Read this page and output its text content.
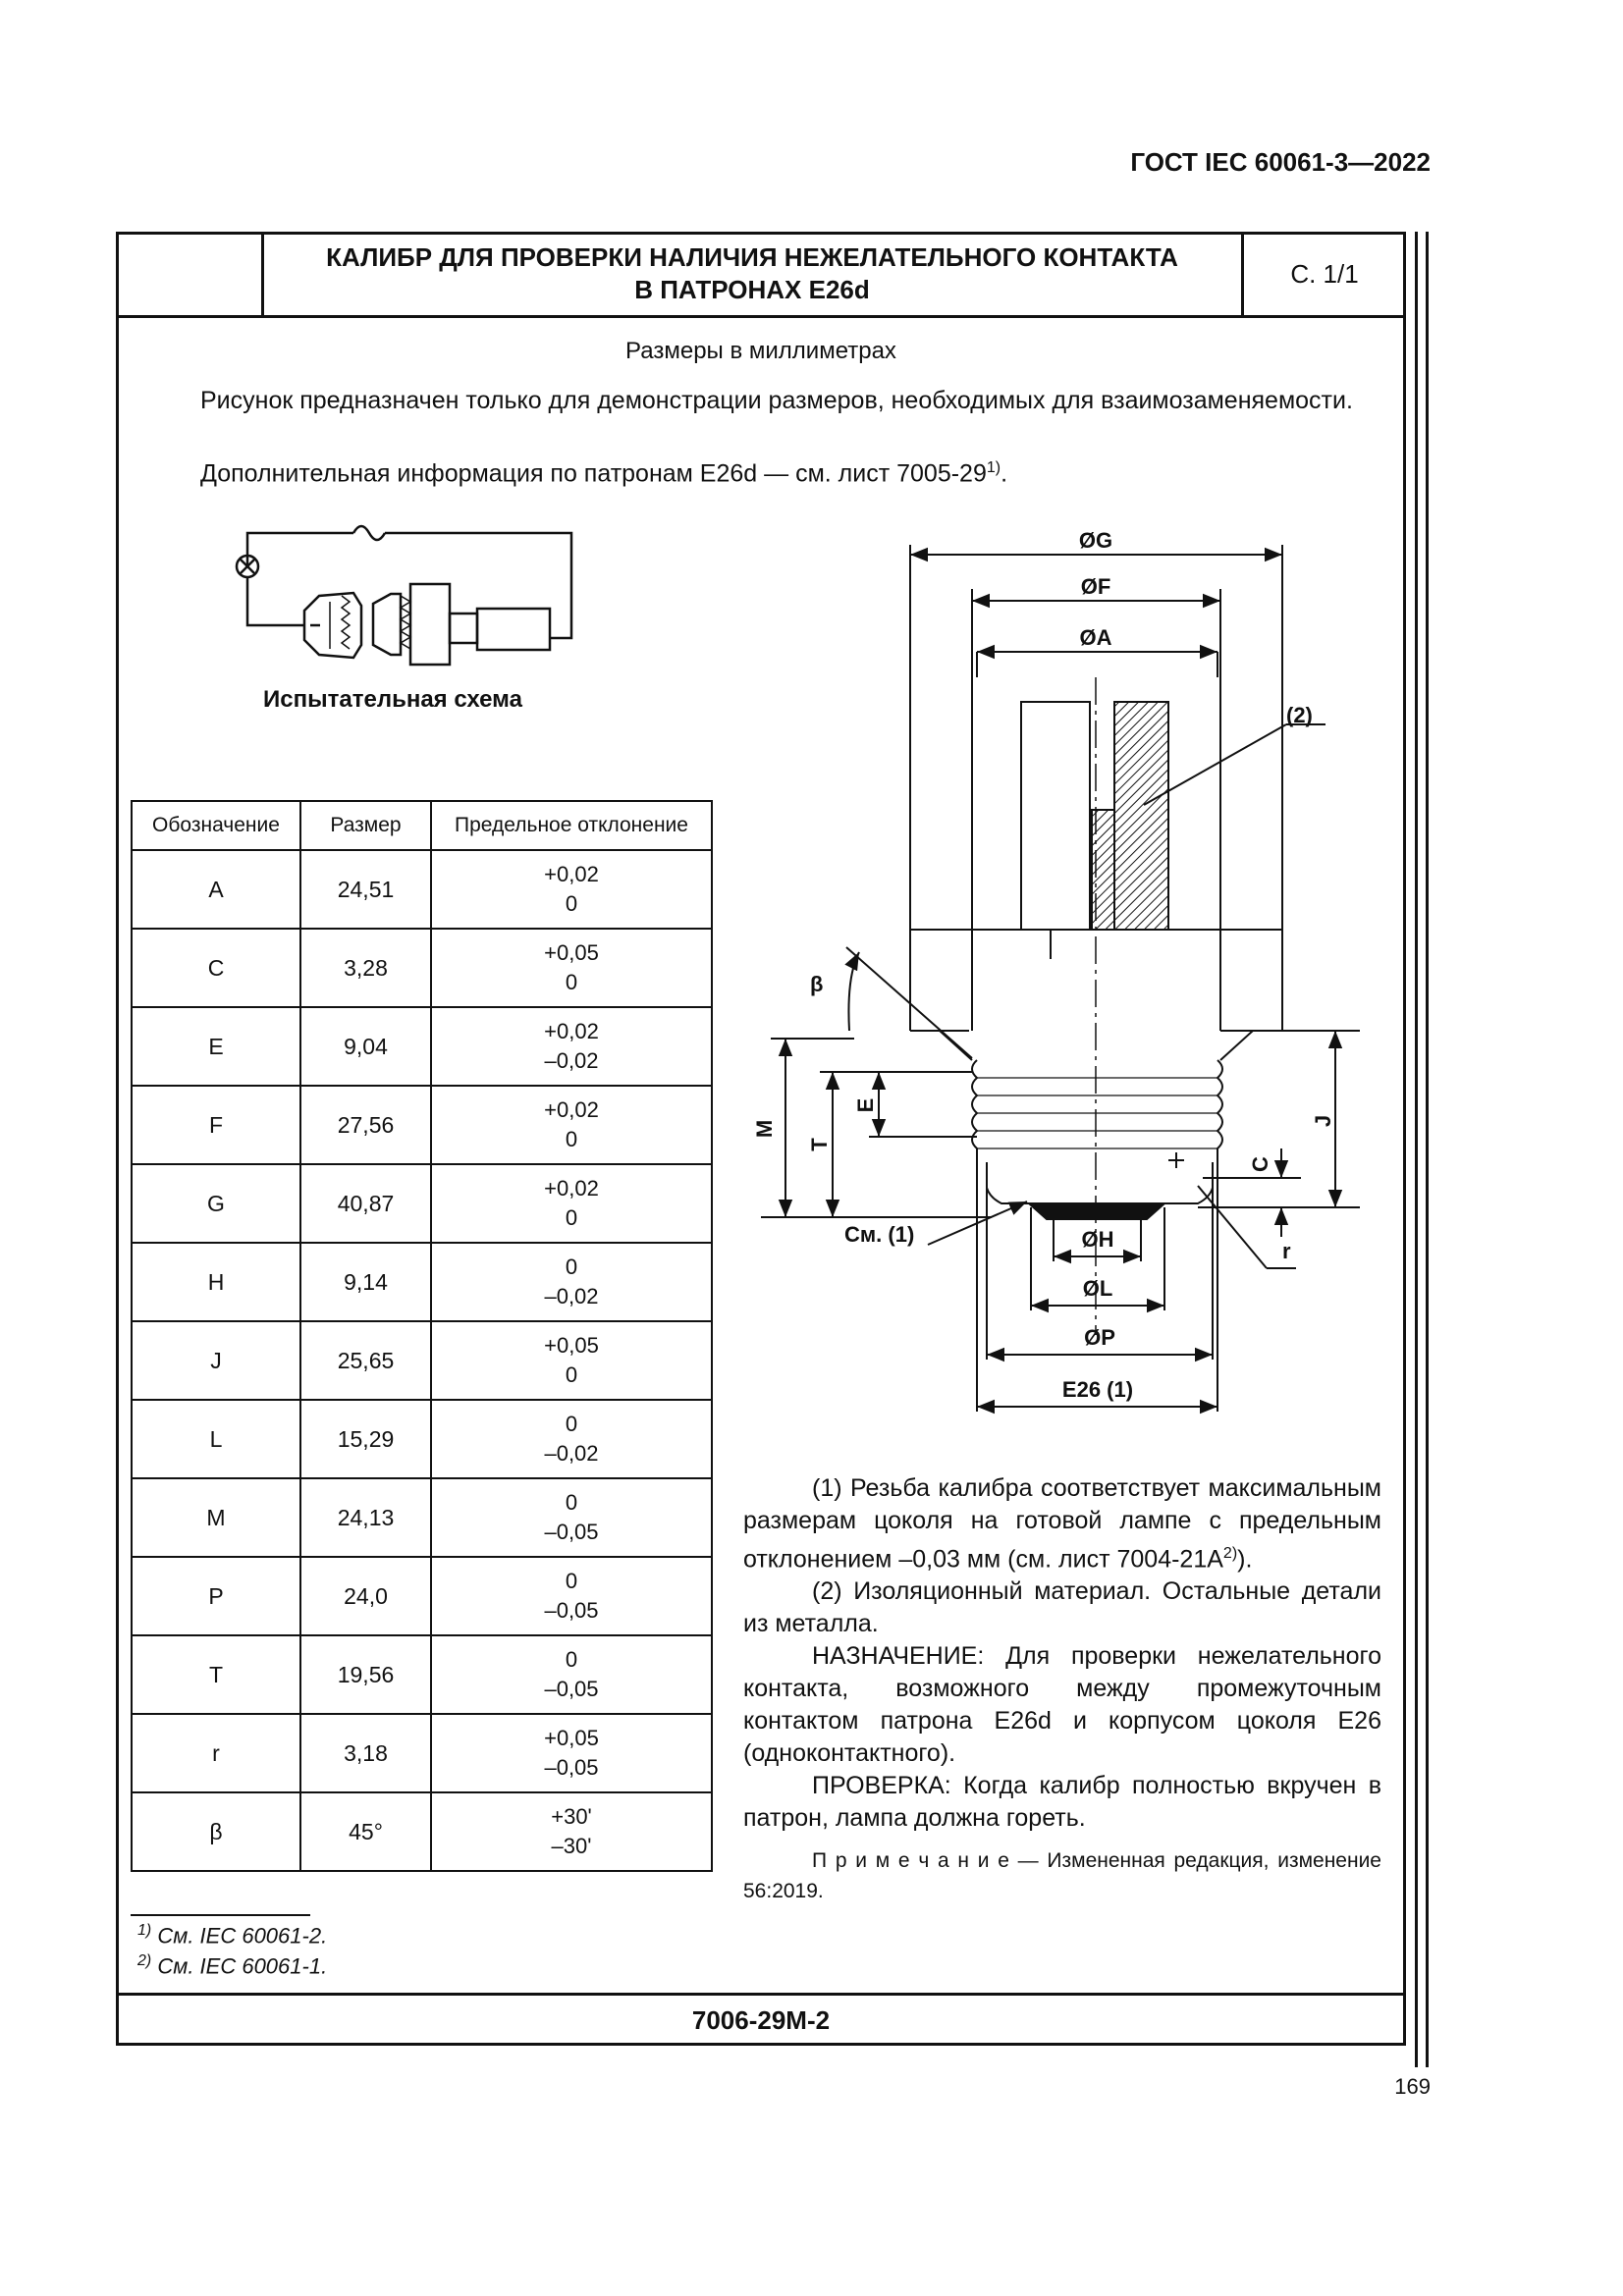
ГОСТ IEC 60061-3—2022
КАЛИБР ДЛЯ ПРОВЕРКИ НАЛИЧИЯ НЕЖЕЛАТЕЛЬНОГО КОНТАКТА
В ПАТРОНАХ E26d
С. 1/1
Размеры в миллиметрах
Рисунок предназначен только для демонстрации размеров, необходимых для взаимозаменяемости.
Дополнительная информация по патронам E26d — см. лист 7005-29$^{1)}$.
Испытательная схема
Обозначение	Размер	Предельное отклонение
A	24,51	+0,02
0

C	3,28	+0,05
0

E	9,04	+0,02
–0,02

F	27,56	+0,02
0

G	40,87	+0,02
0

H	9,14	0
–0,02

J	25,65	+0,05
0

L	15,29	0
–0,02

M	24,13	0
–0,05

P	24,0	0
–0,05

T	19,56	0
–0,05

r	3,18	+0,05
–0,05

β	45°	+30'
–30'
ØG
ØF
ØA
(2)
β
M
T
E
J
C
r
См. (1)	ØH
ØL
ØP
E26 (1)

(1) Резьба калибра соответствует максимальным размерам цоколя на готовой лампе с предельным отклонением –0,03 мм (см. лист $7004-21A^{2)}$).

(2) Изоляционный материал. Остальные детали из металла.

НАЗНАЧЕНИЕ: Для проверки нежелательного контакта, возможного между промежуточным контактом патрона E26d и корпусом цоколя E26 (одноконтактного).

ПРОВЕРКА: Когда калибр полностью вкручен в патрон, лампа должна гореть.

П р и м е ч а н и е — Измененная редакция, изменение 56:2019.
$^{1)}$ См. IEC 60061-2.
$^{2)}$ См. IEC 60061-1.
7006-29M-2
169
